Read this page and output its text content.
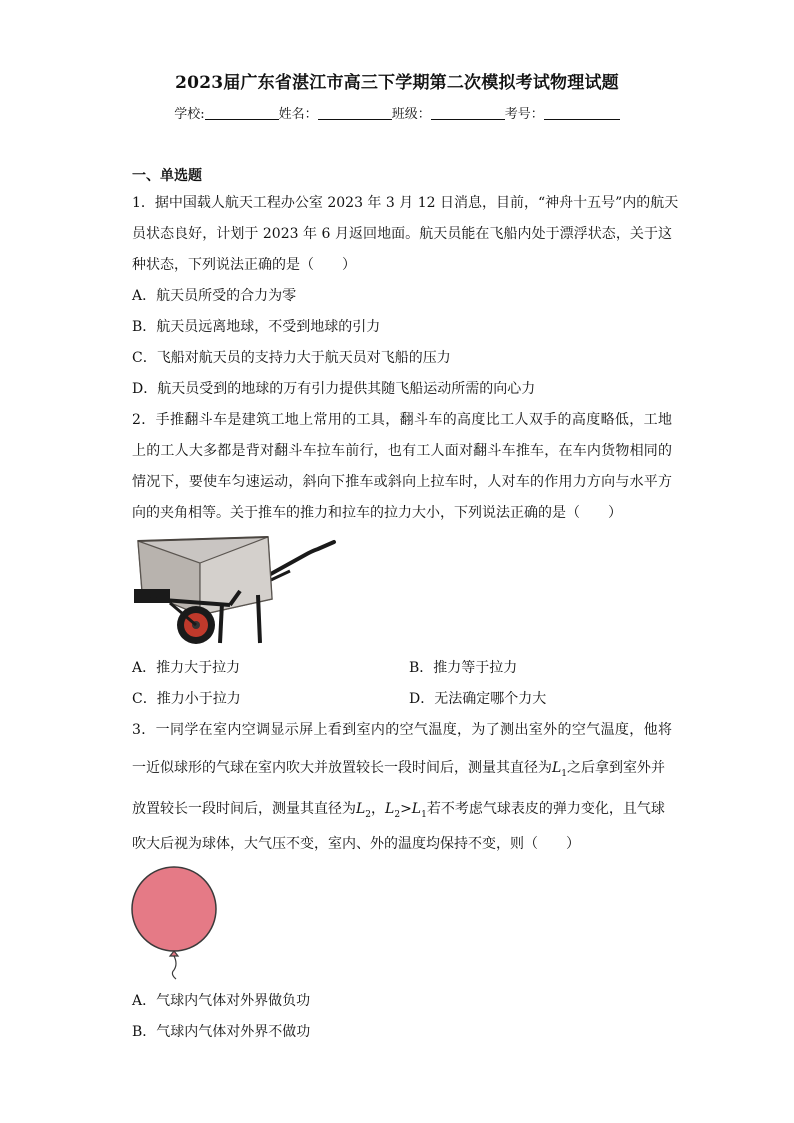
2023届广东省湛江市高三下学期第二次模拟考试物理试题
学校:	姓名：	班级：	考号：
一、单选题
1．据中国载人航天工程办公室 2023 年 3 月 12 日消息，目前，“神舟十五号”内的航天
员状态良好，计划于 2023 年 6 月返回地面。航天员能在飞船内处于漂浮状态，关于这
种状态，下列说法正确的是（　　）
A．航天员所受的合力为零
B．航天员远离地球，不受到地球的引力
C．飞船对航天员的支持力大于航天员对飞船的压力
D．航天员受到的地球的万有引力提供其随飞船运动所需的向心力
2．手推翻斗车是建筑工地上常用的工具，翻斗车的高度比工人双手的高度略低，工地
上的工人大多都是背对翻斗车拉车前行，也有工人面对翻斗车推车，在车内货物相同的
情况下，要使车匀速运动，斜向下推车或斜向上拉车时，人对车的作用力方向与水平方
向的夹角相等。关于推车的推力和拉车的拉力大小，下列说法正确的是（　　）
A．推力大于拉力	B．推力等于拉力
C．推力小于拉力	D．无法确定哪个力大
3．一同学在室内空调显示屏上看到室内的空气温度，为了测出室外的空气温度，他将
一近似球形的气球在室内吹大并放置较长一段时间后，测量其直径为$L_1$之后拿到室外并
放置较长一段时间后，测量其直径为$L_2$，$L_2>L_1$若不考虑气球表皮的弹力变化，且气球
吹大后视为球体，大气压不变，室内、外的温度均保持不变，则（　　）
A．气球内气体对外界做负功
B．气球内气体对外界不做功
